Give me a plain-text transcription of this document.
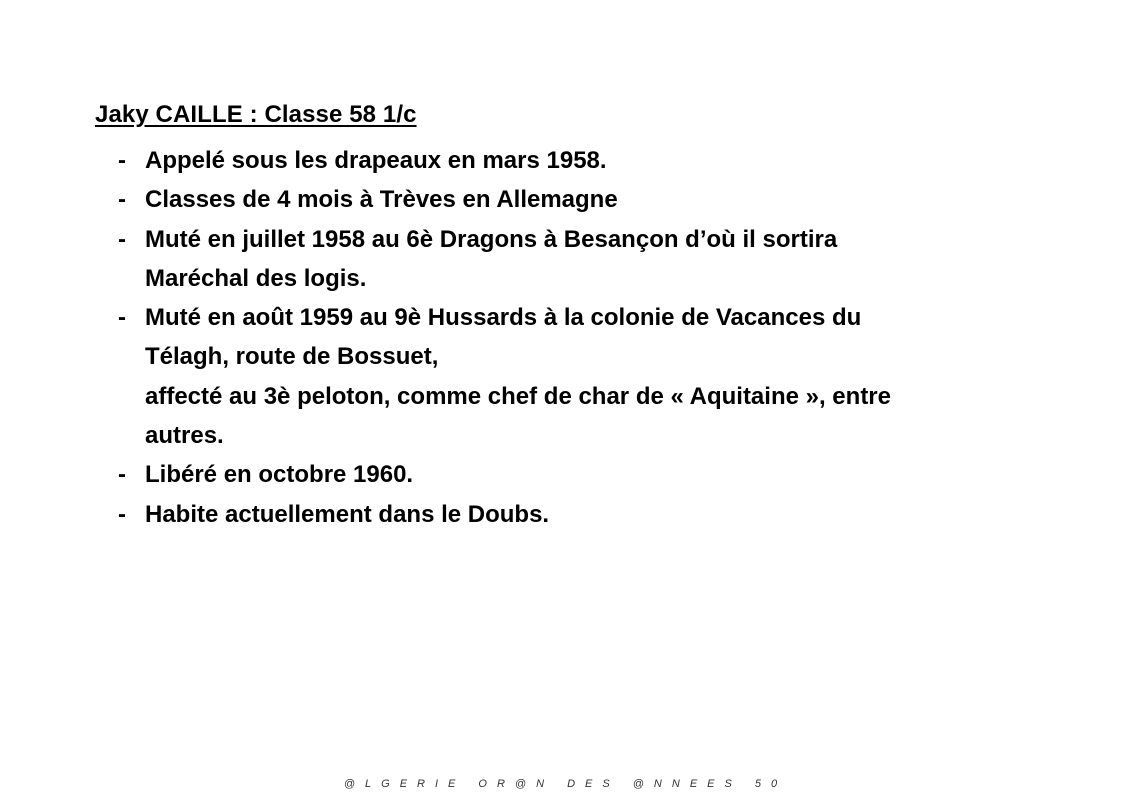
Jaky CAILLE : Classe 58 1/c
- Appelé sous les drapeaux en mars 1958.
- Classes de 4 mois à Trèves en Allemagne
- Muté en juillet 1958 au 6è Dragons à Besançon d’où il sortira
Maréchal des logis.
- Muté en août 1959 au 9è Hussards à la colonie de Vacances du
Télagh, route de Bossuet,
affecté au 3è peloton, comme chef de char de « Aquitaine », entre
autres.
- Libéré en octobre 1960.
- Habite actuellement dans le Doubs.
@LGERIE OR@N DES @NNEES 50
